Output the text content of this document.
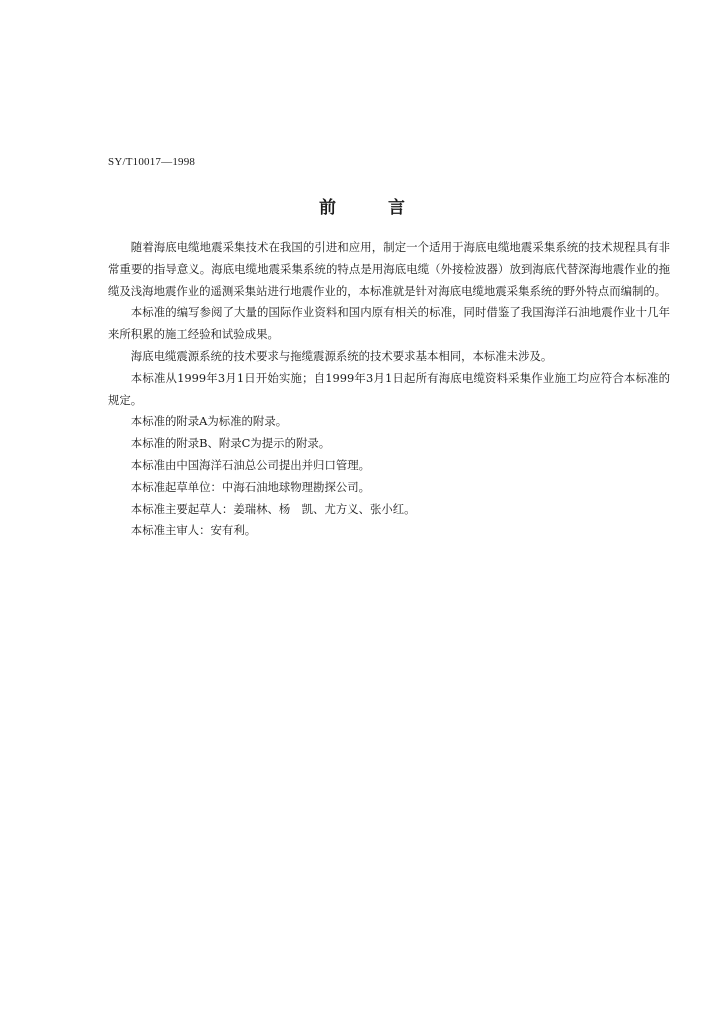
SY/T10017—1998
前言

随着海底电缆地震采集技术在我国的引进和应用，制定一个适用于海底电缆地震采集系统的技术规程具有非常重要的指导意义。海底电缆地震采集系统的特点是用海底电缆（外接检波器）放到海底代替深海地震作业的拖缆及浅海地震作业的遥测采集站进行地震作业的，本标准就是针对海底电缆地震采集系统的野外特点而编制的。

本标准的编写参阅了大量的国际作业资料和国内原有相关的标准，同时借鉴了我国海洋石油地震作业十几年来所积累的施工经验和试验成果。

海底电缆震源系统的技术要求与拖缆震源系统的技术要求基本相同，本标准未涉及。

本标准从1999年3月1日开始实施；自1999年3月1日起所有海底电缆资料采集作业施工均应符合本标准的规定。

本标准的附录A为标准的附录。

本标准的附录B、附录C为提示的附录。

本标准由中国海洋石油总公司提出并归口管理。

本标准起草单位：中海石油地球物理勘探公司。

本标准主要起草人：姜瑞林、杨　凯、尤方义、张小红。

本标准主审人：安有利。
